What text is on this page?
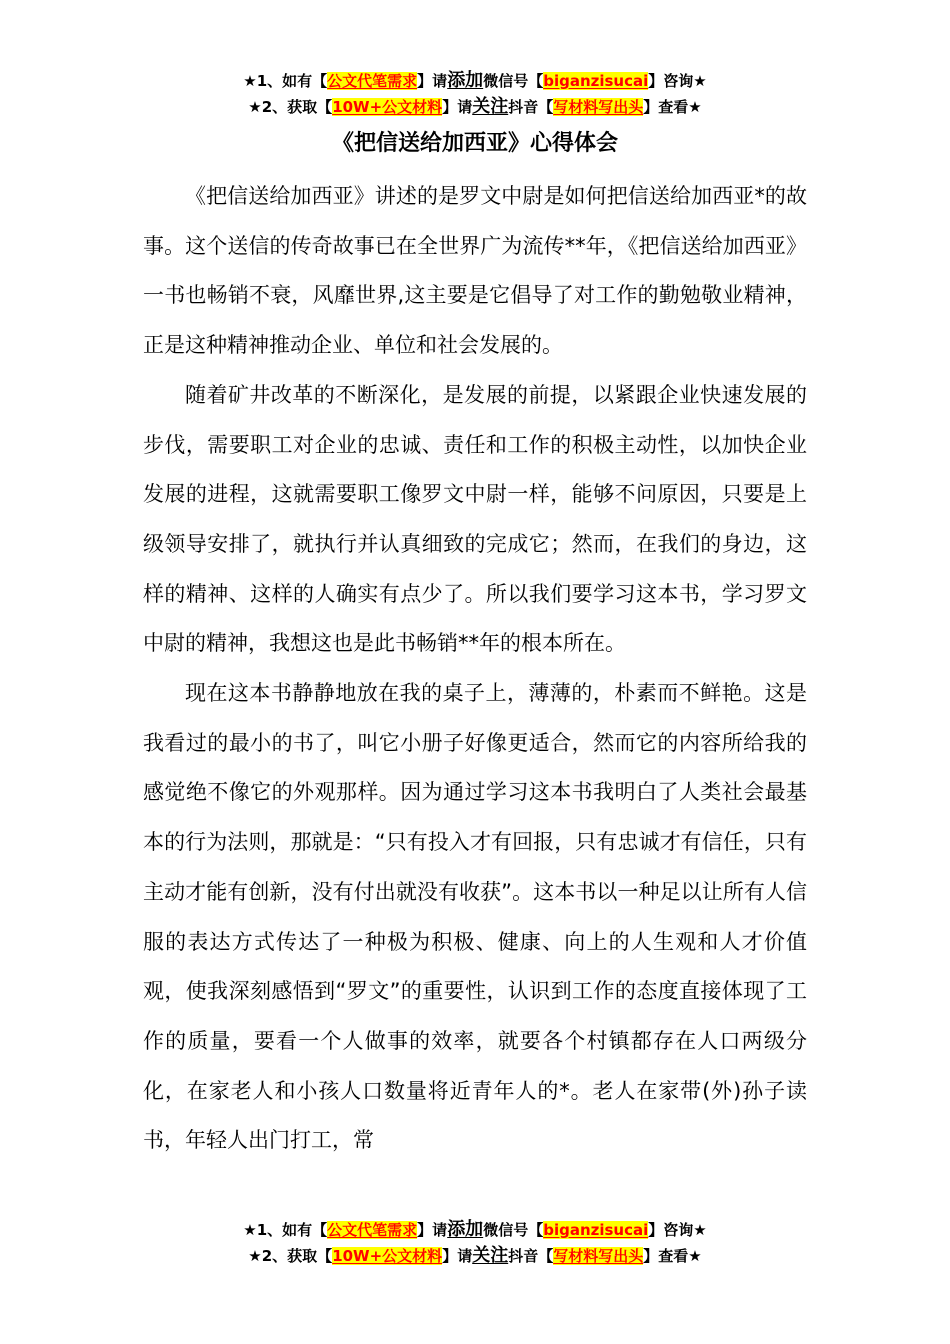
★1、如有【公文代笔需求】请添加微信号【biganzisucai】咨询★
★2、获取【10W+公文材料】请关注抖音【写材料写出头】查看★
《把信送给加西亚》心得体会

《把信送给加西亚》讲述的是罗文中尉是如何把信送给加西亚*的故事。这个送信的传奇故事已在全世界广为流传**年，《把信送给加西亚》一书也畅销不衰，风靡世界,这主要是它倡导了对工作的勤勉敬业精神，正是这种精神推动企业、单位和社会发展的。

随着矿井改革的不断深化，是发展的前提，以紧跟企业快速发展的步伐，需要职工对企业的忠诚、责任和工作的积极主动性，以加快企业发展的进程，这就需要职工像罗文中尉一样，能够不问原因，只要是上级领导安排了，就执行并认真细致的完成它；然而，在我们的身边，这样的精神、这样的人确实有点少了。所以我们要学习这本书，学习罗文中尉的精神，我想这也是此书畅销**年的根本所在。

现在这本书静静地放在我的桌子上，薄薄的，朴素而不鲜艳。这是我看过的最小的书了，叫它小册子好像更适合，然而它的内容所给我的感觉绝不像它的外观那样。因为通过学习这本书我明白了人类社会最基本的行为法则，那就是：“只有投入才有回报，只有忠诚才有信任，只有主动才能有创新，没有付出就没有收获”。这本书以一种足以让所有人信服的表达方式传达了一种极为积极、健康、向上的人生观和人才价值观，使我深刻感悟到“罗文”的重要性，认识到工作的态度直接体现了工作的质量，要看一个人做事的效率，就要各个村镇都存在人口两级分化，在家老人和小孩人口数量将近青年人的*。老人在家带(外)孙子读书，年轻人出门打工，常

★1、如有【公文代笔需求】请添加微信号【biganzisucai】咨询★
★2、获取【10W+公文材料】请关注抖音【写材料写出头】查看★
